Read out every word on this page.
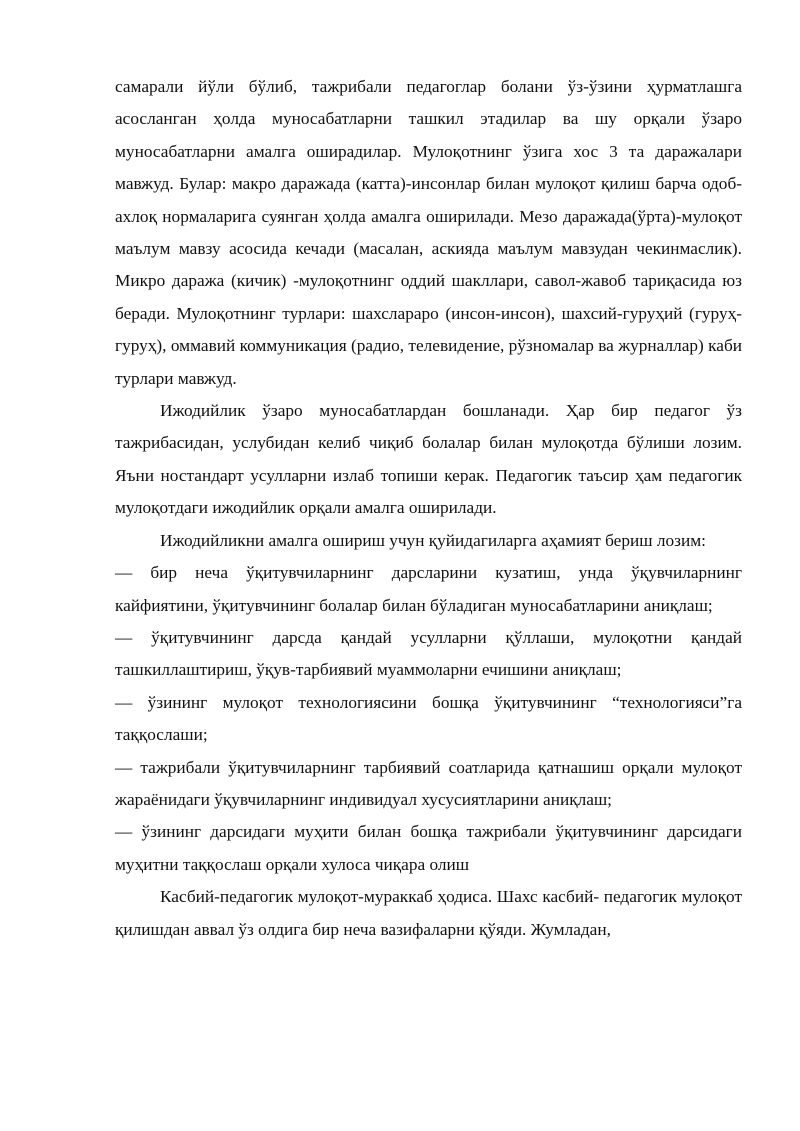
самарали йўли бўлиб, тажрибали педагоглар болани ўз-ўзини ҳурматлашга асосланган ҳолда муносабатларни ташкил этадилар ва шу орқали ўзаро муносабатларни амалга оширадилар. Мулоқотнинг ўзига хос 3 та даражалари мавжуд. Булар: макро даражада (катта)-инсонлар билан мулоқот қилиш барча одоб-ахлоқ нормаларига суянган ҳолда амалга оширилади. Мезо даражада(ўрта)-мулоқот маълум мавзу асосида кечади (масалан, аскияда маълум мавзудан чекинмаслик). Микро даража (кичик) -мулоқотнинг оддий шакллари, савол-жавоб тариқасида юз беради. Мулоқотнинг турлари: шахслараро (инсон-инсон), шахсий-гуруҳий (гуруҳ-гуруҳ), оммавий коммуникация (радио, телевидение, рўзномалар ва журналлар) каби турлари мавжуд.

Ижодийлик ўзаро муносабатлардан бошланади. Ҳар бир педагог ўз тажрибасидан, услубидан келиб чиқиб болалар билан мулоқотда бўлиши лозим. Яъни ностандарт усулларни излаб топиши керак. Педагогик таъсир ҳам педагогик мулоқотдаги ижодийлик орқали амалга оширилади.

Ижодийликни амалга ошириш учун қуйидагиларга аҳамият бериш лозим:

— бир неча ўқитувчиларнинг дарсларини кузатиш, унда ўқувчиларнинг кайфиятини, ўқитувчининг болалар билан бўладиган муносабатларини аниқлаш;

— ўқитувчининг дарсда қандай усулларни қўллаши, мулоқотни қандай ташкиллаштириш, ўқув-тарбиявий муаммоларни ечишини аниқлаш;

— ўзининг мулоқот технологиясини бошқа ўқитувчининг “технологияси”га таққослаши;

— тажрибали ўқитувчиларнинг тарбиявий соатларида қатнашиш орқали мулоқот жараёнидаги ўқувчиларнинг индивидуал хусусиятларини аниқлаш;

— ўзининг дарсидаги муҳити билан бошқа тажрибали ўқитувчининг дарсидаги муҳитни таққослаш орқали хулоса чиқара олиш

Касбий-педагогик мулоқот-мураккаб ҳодиса. Шахс касбий- педагогик мулоқот қилишдан аввал ўз олдига бир неча вазифаларни қўяди. Жумладан,
